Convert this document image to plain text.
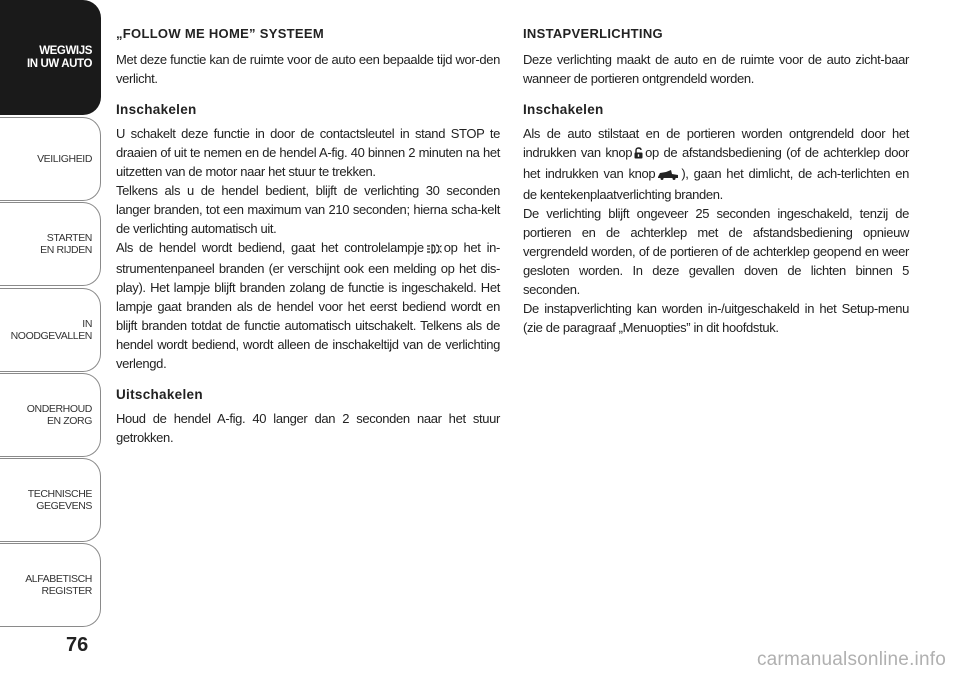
WEGWIJS
IN UW AUTO
VEILIGHEID
STARTEN
EN RIJDEN
IN NOODGEVALLEN
ONDERHOUD
EN ZORG
TECHNISCHE
GEGEVENS
ALFABETISCH
REGISTER
76
„FOLLOW ME HOME” SYSTEEM

Met deze functie kan de ruimte voor de auto een bepaalde tijd wor-den verlicht.

Inschakelen

U schakelt deze functie in door de contactsleutel in stand STOP te draaien of uit te nemen en de hendel A-fig. 40 binnen 2 minuten na het uitzetten van de motor naar het stuur te trekken.

Telkens als u de hendel bedient, blijft de verlichting 30 seconden langer branden, tot een maximum van 210 seconden; hierna scha-kelt de verlichting automatisch uit.

Als de hendel wordt bediend, gaat het controlelampje op het in-strumentenpaneel branden (er verschijnt ook een melding op het dis-play). Het lampje blijft branden zolang de functie is ingeschakeld. Het lampje gaat branden als de hendel voor het eerst bediend wordt en blijft branden totdat de functie automatisch uitschakelt. Telkens als de hendel wordt bediend, wordt alleen de inschakeltijd van de verlichting verlengd.

Uitschakelen

Houd de hendel A-fig. 40 langer dan 2 seconden naar het stuur getrokken.

INSTAPVERLICHTING

Deze verlichting maakt de auto en de ruimte voor de auto zicht-baar wanneer de portieren ontgrendeld worden.

Inschakelen

Als de auto stilstaat en de portieren worden ontgrendeld door het indrukken van knop op de afstandsbediening (of de achterklep door het indrukken van knop ), gaan het dimlicht, de ach-terlichten en de kentekenplaatverlichting branden.

De verlichting blijft ongeveer 25 seconden ingeschakeld, tenzij de portieren en de achterklep met de afstandsbediening opnieuw vergrendeld worden, of de portieren of de achterklep geopend en weer gesloten worden. In deze gevallen doven de lichten binnen 5 seconden.

De instapverlichting kan worden in-/uitgeschakeld in het Setup-menu (zie de paragraaf „Menuopties” in dit hoofdstuk.

carmanualsonline.info
